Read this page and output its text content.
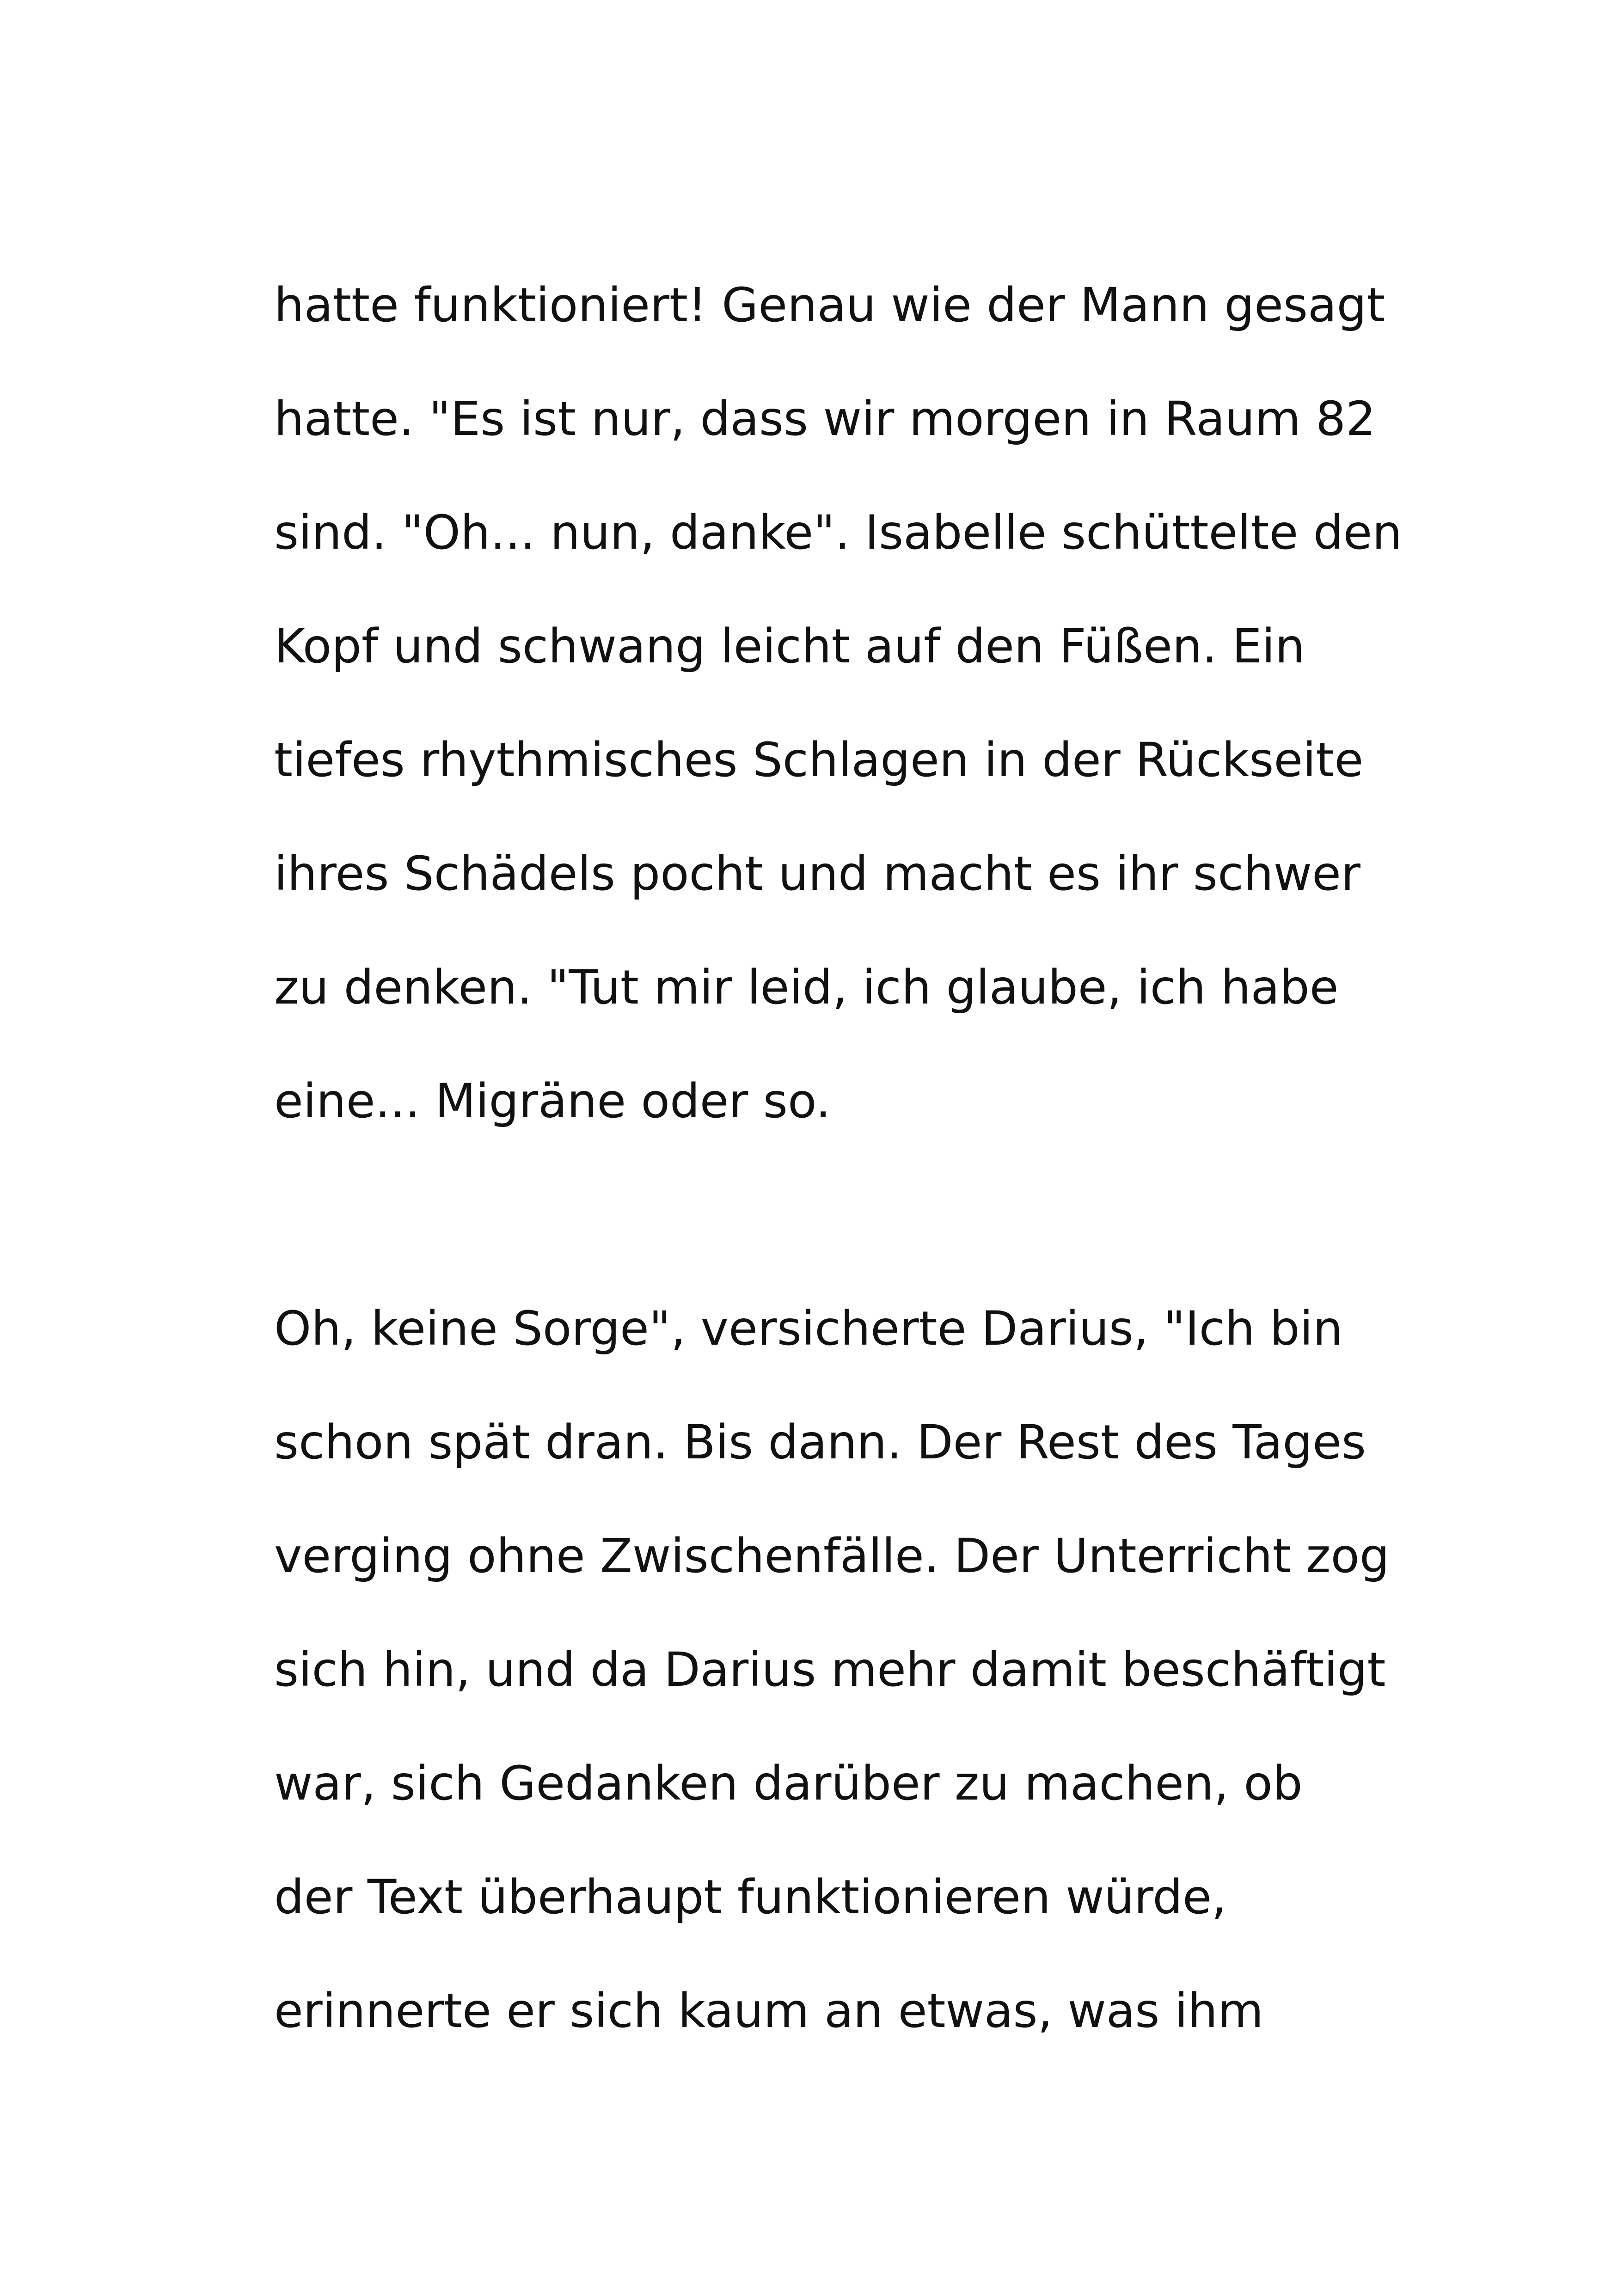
hatte funktioniert! Genau wie der Mann gesagt

hatte. "Es ist nur, dass wir morgen in Raum 82

sind. "Oh... nun, danke". Isabelle schüttelte den

Kopf und schwang leicht auf den Füßen. Ein

tiefes rhythmisches Schlagen in der Rückseite

ihres Schädels pocht und macht es ihr schwer

zu denken. "Tut mir leid, ich glaube, ich habe

eine... Migräne oder so.

Oh, keine Sorge", versicherte Darius, "Ich bin

schon spät dran. Bis dann. Der Rest des Tages

verging ohne Zwischenfälle. Der Unterricht zog

sich hin, und da Darius mehr damit beschäftigt

war, sich Gedanken darüber zu machen, ob

der Text überhaupt funktionieren würde,

erinnerte er sich kaum an etwas, was ihm
